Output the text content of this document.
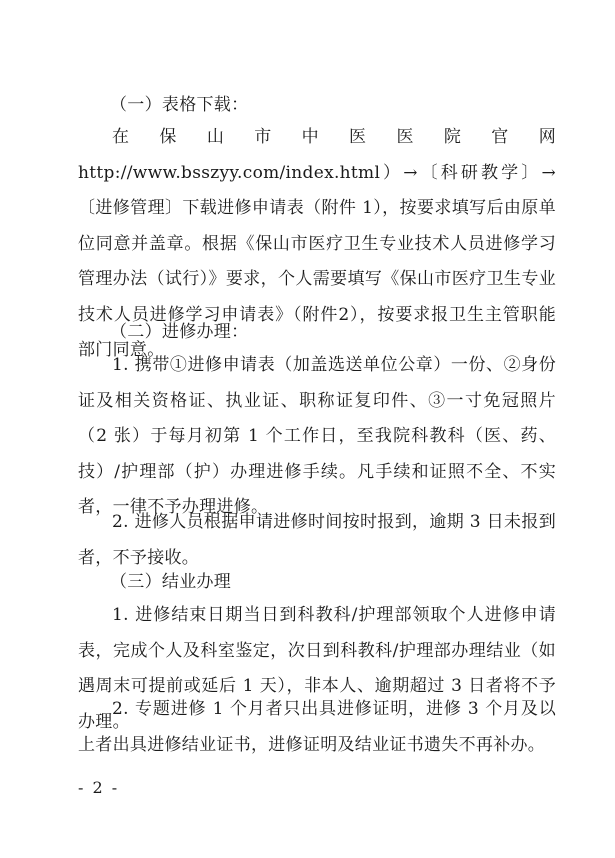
（一）表格下载：
在保山市中医医院官网 http://www.bsszyy.com/index.html）→〔科研教学〕→〔进修管理〕下载进修申请表（附件 1），按要求填写后由原单位同意并盖章。根据《保山市医疗卫生专业技术人员进修学习管理办法（试行）》要求，个人需要填写《保山市医疗卫生专业技术人员进修学习申请表》（附件2），按要求报卫生主管职能部门同意。
（二）进修办理：
1. 携带①进修申请表（加盖选送单位公章）一份、②身份证及相关资格证、执业证、职称证复印件、③一寸免冠照片（2 张）于每月初第 1 个工作日，至我院科教科（医、药、技）/护理部（护）办理进修手续。凡手续和证照不全、不实者，一律不予办理进修。
2. 进修人员根据申请进修时间按时报到，逾期 3 日未报到者，不予接收。
（三）结业办理
1. 进修结束日期当日到科教科/护理部领取个人进修申请表，完成个人及科室鉴定，次日到科教科/护理部办理结业（如遇周末可提前或延后 1 天），非本人、逾期超过 3 日者将不予办理。
2. 专题进修 1 个月者只出具进修证明，进修 3 个月及以上者出具进修结业证书，进修证明及结业证书遗失不再补办。
- 2 -
